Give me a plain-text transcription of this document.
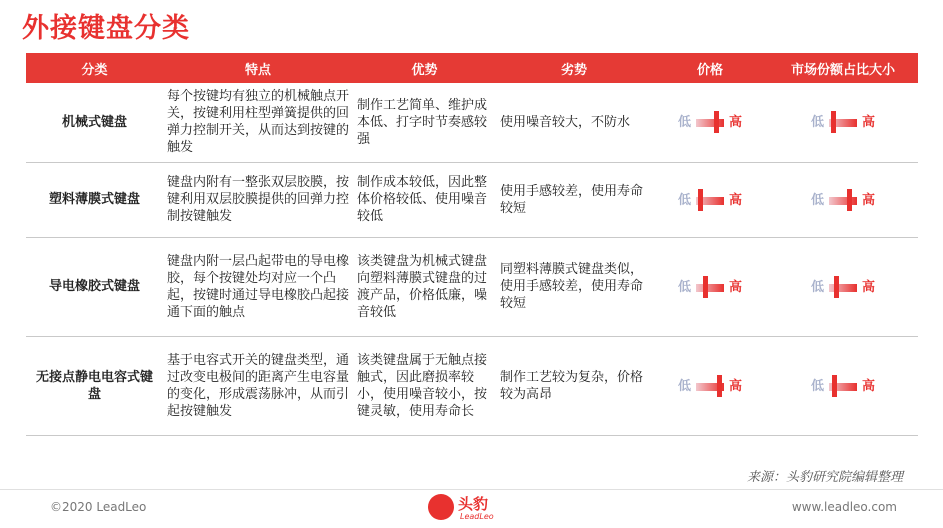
外接键盘分类
分类	特点	优势	劣势	价格	市场份额占比大小
机械式键盘	每个按键均有独立的机械触点开关，按键利用柱型弹簧提供的回弹力控制开关，从而达到按键的触发	制作工艺简单、维护成本低、打字时节奏感较强	使用噪音较大，不防水	低 高	低 高

塑料薄膜式键盘	键盘内附有一整张双层胶膜，按键利用双层胶膜提供的回弹力控制按键触发	制作成本较低，因此整体价格较低、使用噪音较低	使用手感较差，使用寿命较短	低 高	低 高

导电橡胶式键盘	键盘内附一层凸起带电的导电橡胶，每个按键处均对应一个凸起，按键时通过导电橡胶凸起接通下面的触点	该类键盘为机械式键盘向塑料薄膜式键盘的过渡产品，价格低廉，噪音较低	同塑料薄膜式键盘类似，使用手感较差，使用寿命较短	低 高	低 高

无接点静电电容式键盘	基于电容式开关的键盘类型，通过改变电极间的距离产生电容量的变化，形成震荡脉冲，从而引起按键触发	该类键盘属于无触点接触式，因此磨损率较小，使用噪音较小，按键灵敏，使用寿命长	制作工艺较为复杂，价格较为高昂	低 高	低 高
来源：头豹研究院编辑整理
©2020 LeadLeo	头豹
LeadLeo
www.leadleo.com
